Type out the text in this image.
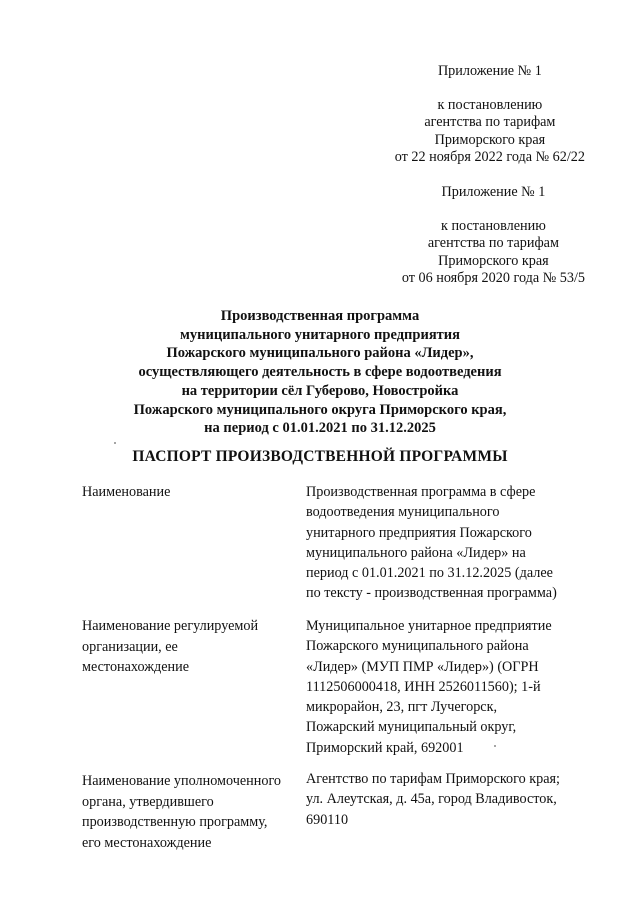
Приложение № 1
к постановлению
агентства по тарифам
Приморского края
от 22 ноября 2022 года № 62/22
Приложение № 1
к постановлению
агентства по тарифам
Приморского края
от 06 ноября 2020 года № 53/5
Производственная программа
муниципального унитарного предприятия
Пожарского муниципального района «Лидер»,
осуществляющего деятельность в сфере водоотведения
на территории сёл Губерово, Новостройка
Пожарского муниципального округа Приморского края,
на период с 01.01.2021 по 31.12.2025
ПАСПОРТ ПРОИЗВОДСТВЕННОЙ ПРОГРАММЫ
Наименование	Производственная программа в сфере
водоотведения муниципального
унитарного предприятия Пожарского
муниципального района «Лидер» на
период с 01.01.2021 по 31.12.2025 (далее
по тексту - производственная программа)
Наименование регулируемой
организации, ее
местонахождение
Муниципальное унитарное предприятие
Пожарского муниципального района
«Лидер» (МУП ПМР «Лидер») (ОГРН
1112506000418, ИНН 2526011560); 1-й
микрорайон, 23, пгт Лучегорск,
Пожарский муниципальный округ,
Приморский край, 692001
Наименование уполномоченного
органа, утвердившего
производственную программу,
его местонахождение
Агентство по тарифам Приморского края;
ул. Алеутская, д. 45а, город Владивосток,
690110
